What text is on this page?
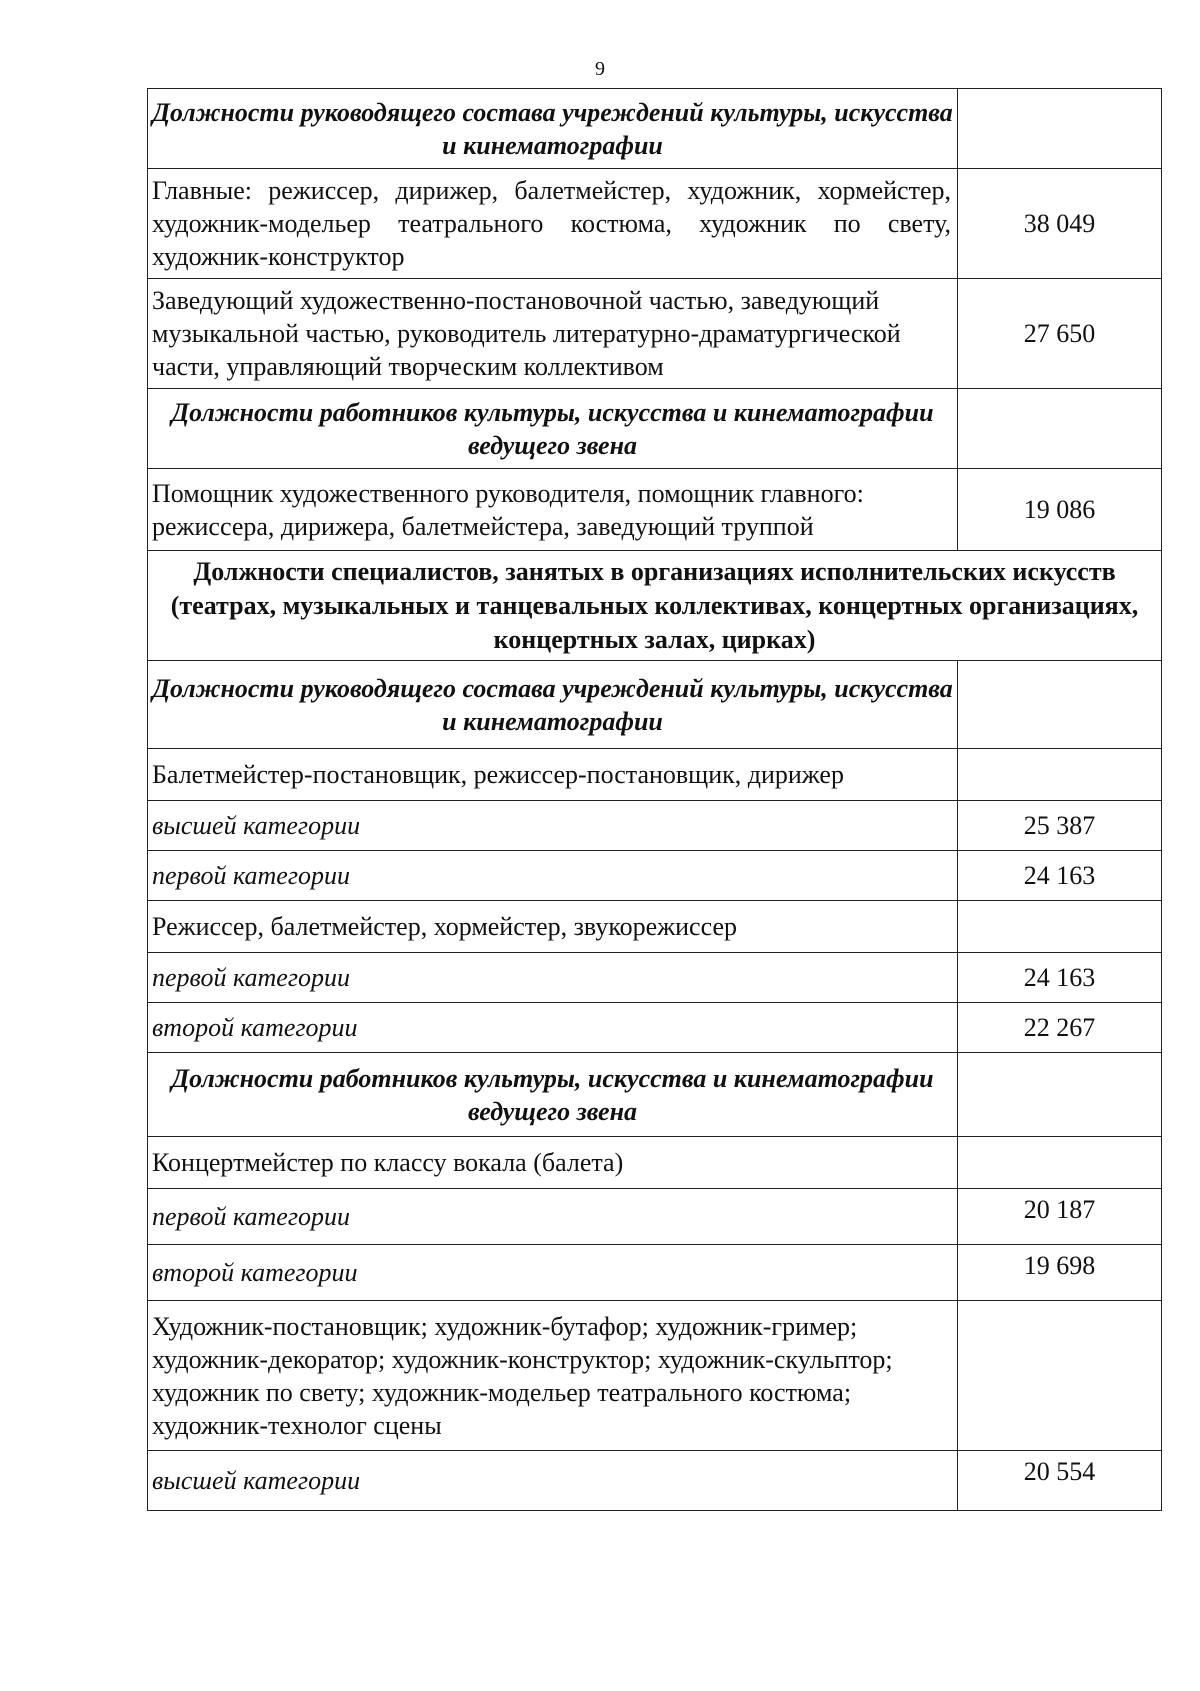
9
Должности руководящего состава учреждений культуры, искусства и кинематографии	
Главные: режиссер, дирижер, балетмейстер, художник, хормейстер, художник-модельер театрального костюма, художник по свету, художник-конструктор	38 049
Заведующий художественно-постановочной частью, заведующий музыкальной частью, руководитель литературно-драматургической части, управляющий творческим коллективом	27 650
Должности работников культуры, искусства и кинематографии ведущего звена	
Помощник художественного руководителя, помощник главного: режиссера, дирижера, балетмейстера, заведующий труппой	19 086
Должности специалистов, занятых в организациях исполнительских искусств (театрах, музыкальных и танцевальных коллективах, концертных организациях, концертных залах, цирках)	
Должности руководящего состава учреждений культуры, искусства и кинематографии	
Балетмейстер-постановщик, режиссер-постановщик, дирижер	
высшей категории	25 387
первой категории	24 163
Режиссер, балетмейстер, хормейстер, звукорежиссер	
первой категории	24 163
второй категории	22 267
Должности работников культуры, искусства и кинематографии ведущего звена	
Концертмейстер по классу вокала (балета)	
первой категории	20 187
второй категории	19 698
Художник-постановщик; художник-бутафор; художник-гример; художник-декоратор; художник-конструктор; художник-скульптор; художник по свету; художник-модельер театрального костюма; художник-технолог сцены	
высшей категории	20 554
